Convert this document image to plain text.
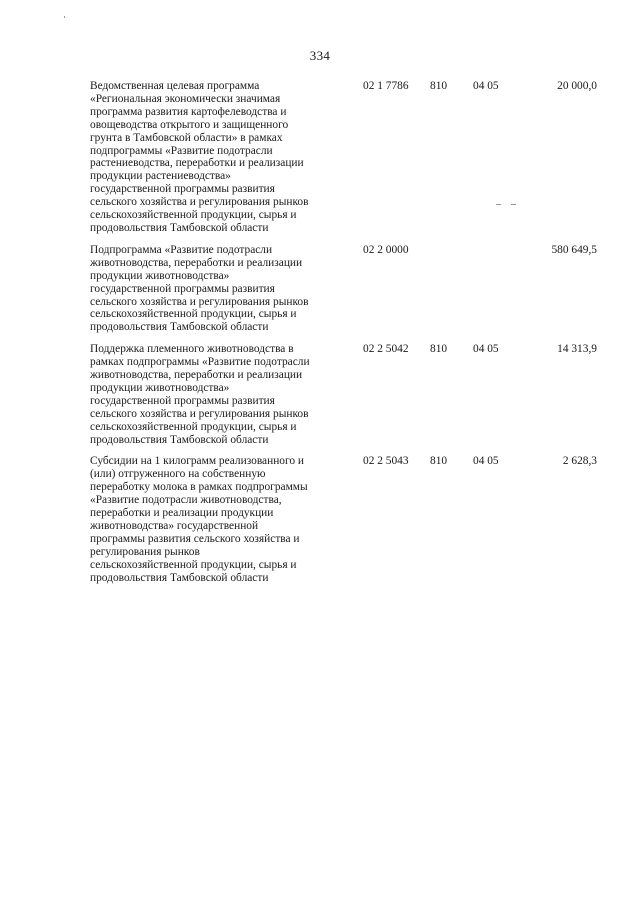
334
Ведомственная целевая программа
«Региональная экономически значимая
программа развития картофелеводства и
овощеводства открытого и защищенного
грунта в Тамбовской области» в рамках
подпрограммы «Развитие подотрасли
растениеводства, переработки и реализации
продукции растениеводства»
государственной программы развития
сельского хозяйства и регулирования рынков
сельскохозяйственной продукции, сырья и
продовольствия Тамбовской области
02 1 7786 810 04 05	20 000,0
Подпрограмма «Развитие подотрасли
животноводства, переработки и реализации
продукции животноводства»
государственной программы развития
сельского хозяйства и регулирования рынков
сельскохозяйственной продукции, сырья и
продовольствия Тамбовской области
02 2 0000	580 649,5
Поддержка племенного животноводства в
рамках подпрограммы «Развитие подотрасли
животноводства, переработки и реализации
продукции животноводства»
государственной программы развития
сельского хозяйства и регулирования рынков
сельскохозяйственной продукции, сырья и
продовольствия Тамбовской области
02 2 5042 810 04 05	14 313,9
Субсидии на 1 килограмм реализованного и
(или) отгруженного на собственную
переработку молока в рамках подпрограммы
«Развитие подотрасли животноводства,
переработки и реализации продукции
животноводства» государственной
программы развития сельского хозяйства и
регулирования рынков
сельскохозяйственной продукции, сырья и
продовольствия Тамбовской области
02 2 5043 810 04 05	2 628,3
